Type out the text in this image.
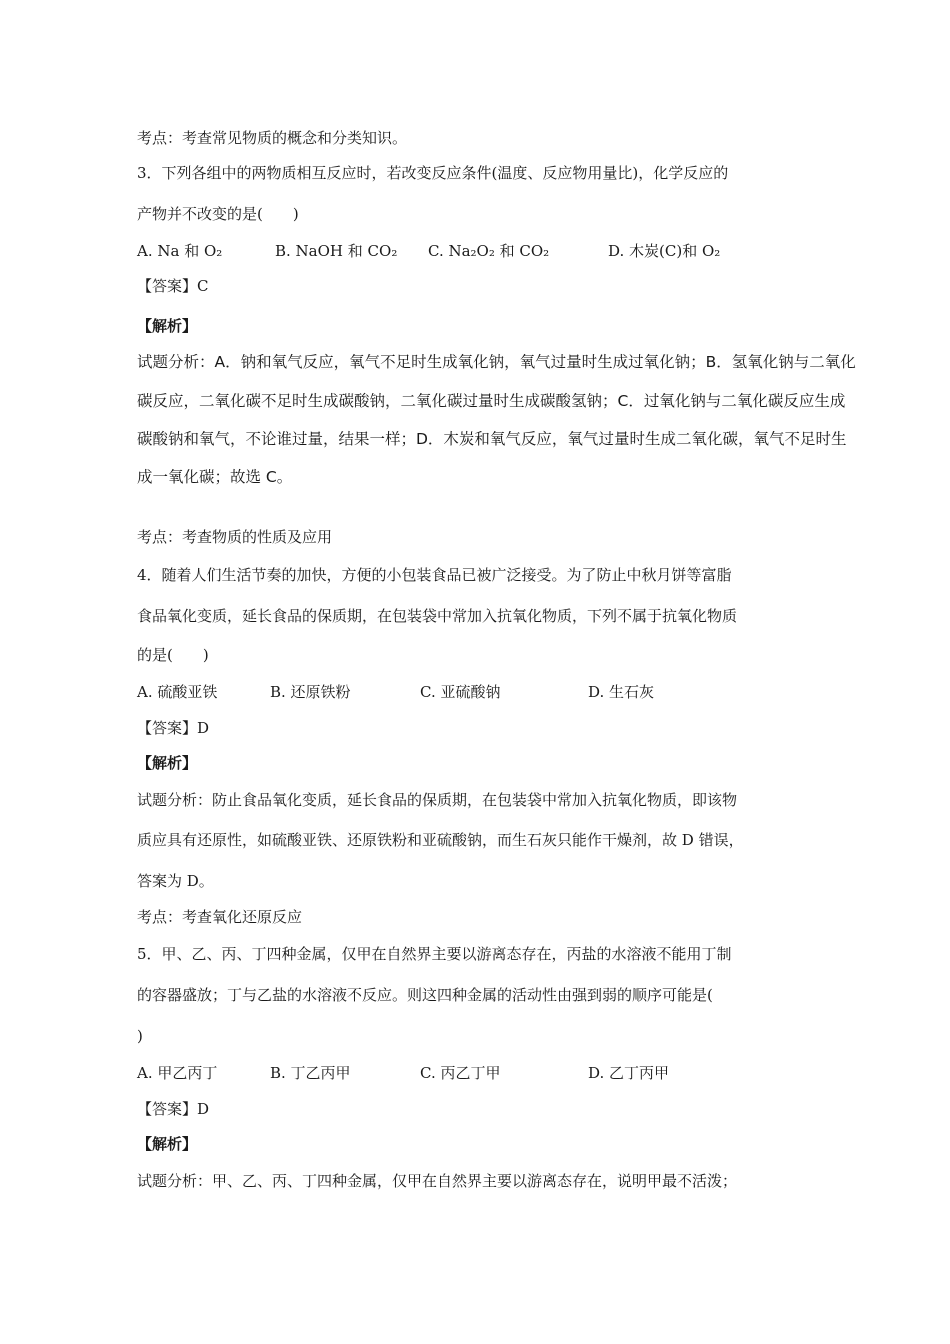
考点：考查常见物质的概念和分类知识。
3．下列各组中的两物质相互反应时，若改变反应条件(温度、反应物用量比)，化学反应的
产物并不改变的是(　　)
A. Na 和 O₂	B. NaOH 和 CO₂ C. Na₂O₂ 和 CO₂	D. 木炭(C)和 O₂
【答案】C
【解析】
试题分析：A．钠和氧气反应，氧气不足时生成氧化钠，氧气过量时生成过氧化钠；B．氢氧化钠与二氧化
碳反应，二氧化碳不足时生成碳酸钠，二氧化碳过量时生成碳酸氢钠；C．过氧化钠与二氧化碳反应生成
碳酸钠和氧气，不论谁过量，结果一样；D．木炭和氧气反应，氧气过量时生成二氧化碳，氧气不足时生
成一氧化碳；故选 C。
考点：考查物质的性质及应用
4．随着人们生活节奏的加快，方便的小包装食品已被广泛接受。为了防止中秋月饼等富脂
食品氧化变质，延长食品的保质期，在包装袋中常加入抗氧化物质，下列不属于抗氧化物质
的是(　　)
A. 硫酸亚铁	B. 还原铁粉	C. 亚硫酸钠	D. 生石灰
【答案】D
【解析】
试题分析：防止食品氧化变质，延长食品的保质期，在包装袋中常加入抗氧化物质，即该物
质应具有还原性，如硫酸亚铁、还原铁粉和亚硫酸钠，而生石灰只能作干燥剂，故 D 错误，
答案为 D。
考点：考查氧化还原反应
5．甲、乙、丙、丁四种金属，仅甲在自然界主要以游离态存在，丙盐的水溶液不能用丁制
的容器盛放；丁与乙盐的水溶液不反应。则这四种金属的活动性由强到弱的顺序可能是(
)
A. 甲乙丙丁	B. 丁乙丙甲	C. 丙乙丁甲	D. 乙丁丙甲
【答案】D
【解析】
试题分析：甲、乙、丙、丁四种金属，仅甲在自然界主要以游离态存在，说明甲最不活泼；
